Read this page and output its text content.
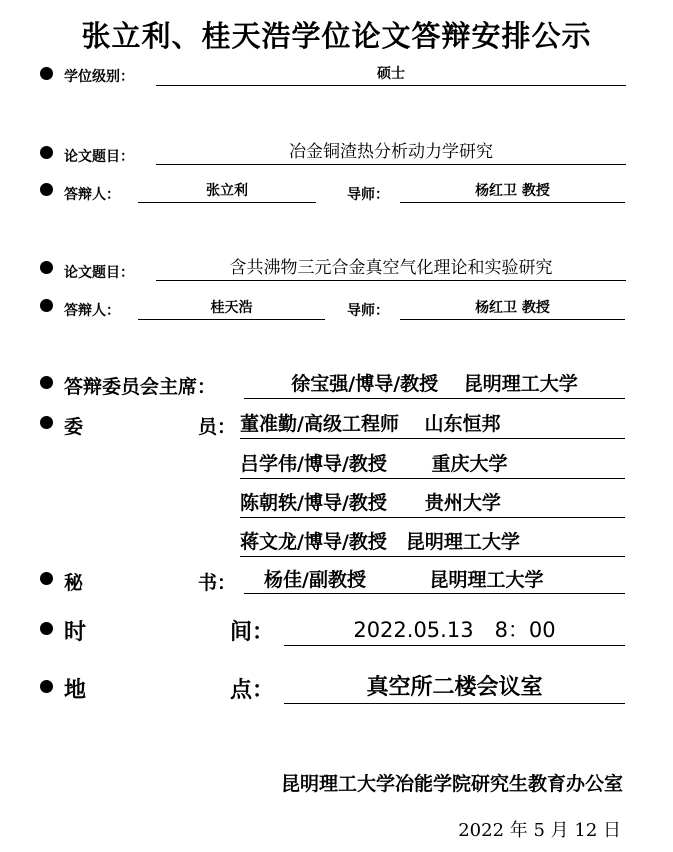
张立利、桂天浩学位论文答辩安排公示
学位级别：	硕士
论文题目：	冶金铜渣热分析动力学研究
答辩人：	张立利	导师：	杨红卫 教授
论文题目：	含共沸物三元合金真空气化理论和实验研究
答辩人：	桂天浩	导师：	杨红卫 教授
答辩委员会主席：	徐宝强/博导/教授　 昆明理工大学
委	员： 董准勤/高级工程师　 山东恒邦
吕学伟/博导/教授　　 重庆大学
陈朝轶/博导/教授　　贵州大学
蒋文龙/博导/教授　昆明理工大学
秘	书：	杨佳/副教授　　　 昆明理工大学
时	间：	2022.05.13　8：00
地	点：	真空所二楼会议室
昆明理工大学冶能学院研究生教育办公室
2022 年 5 月 12 日
